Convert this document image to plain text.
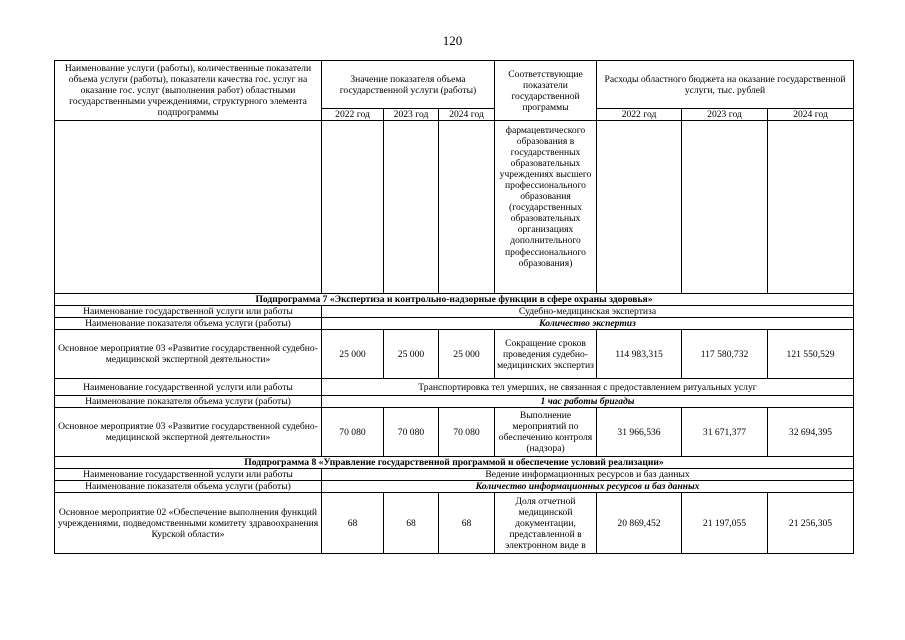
120
Наименование услуги (работы), количественные показатели объема услуги (работы), показатели качества гос. услуг на оказание гос. услуг (выполнения работ) областными государственными учреждениями, структурного элемента подпрограммы	Значение показателя объема государственной услуги (работы)			Соответствующие показатели государственной программы	Расходы областного бюджета на оказание государственной услуги, тыс. рублей		
	2022 год	2023 год	2024 год		2022 год	2023 год	2024 год
				фармацевтического образования в государственных образовательных учреждениях высшего профессионального образования (государственных образовательных организациях дополнительного профессионального образования)			
Подпрограмма 7 «Экспертиза и контрольно-надзорные функции в сфере охраны здоровья»							
Наименование государственной услуги или работы	Судебно-медицинская экспертиза						
Наименование показателя объема услуги (работы)	Количество экспертиз						
Основное мероприятие 03 «Развитие государственной судебно-медицинской экспертной деятельности»	25 000	25 000	25 000	Сокращение сроков проведения судебно-медицинских экспертиз	114 983,315	117 580,732	121 550,529
Наименование государственной услуги или работы	Транспортировка тел умерших, не связанная с предоставлением ритуальных услуг						
Наименование показателя объема услуги (работы)	1 час работы бригады						
Основное мероприятие 03 «Развитие государственной судебно-медицинской экспертной деятельности»	70 080	70 080	70 080	Выполнение мероприятий по обеспечению контроля (надзора)	31 966,536	31 671,377	32 694,395
Подпрограмма 8 «Управление государственной программой и обеспечение условий реализации»							
Наименование государственной услуги или работы	Ведение информационных ресурсов и баз данных						
Наименование показателя объема услуги (работы)	Количество информационных ресурсов и баз данных						
Основное мероприятие 02 «Обеспечение выполнения функций учреждениями, подведомственными комитету здравоохранения Курской области»	68	68	68	Доля отчетной медицинской документации, представленной в электронном виде в	20 869,452	21 197,055	21 256,305
